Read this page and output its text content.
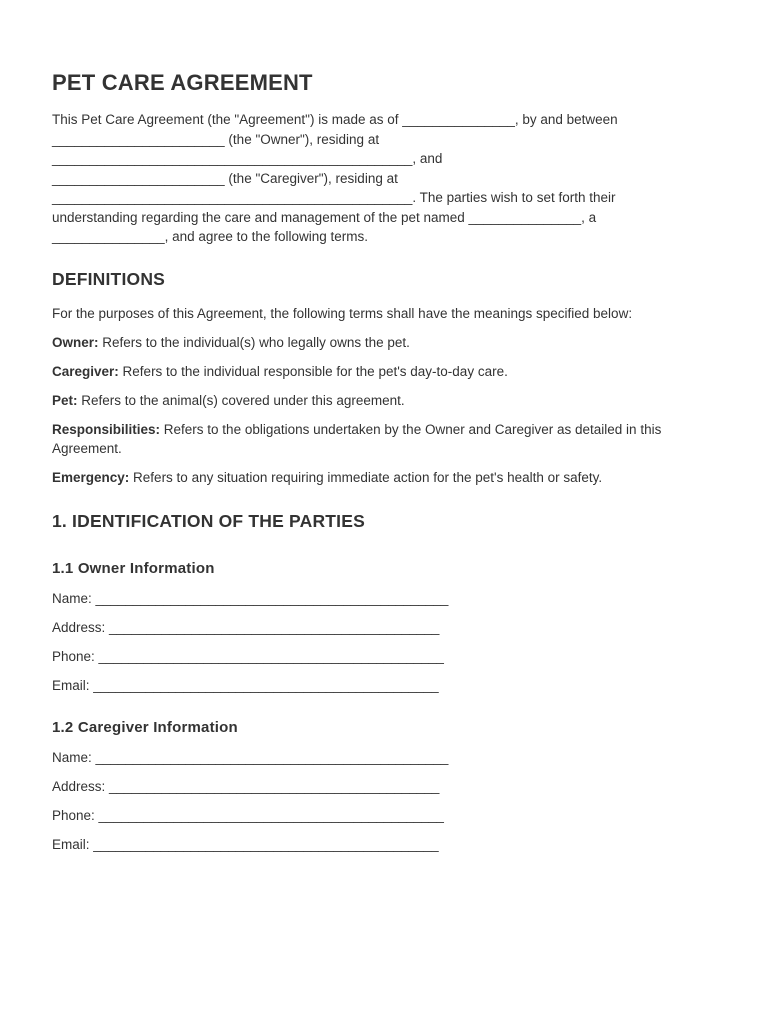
PET CARE AGREEMENT

This Pet Care Agreement (the "Agreement") is made as of _______________, by and between
_______________________ (the "Owner"), residing at
________________________________________________, and
_______________________ (the "Caregiver"), residing at
________________________________________________. The parties wish to set forth their
understanding regarding the care and management of the pet named _______________, a
_______________, and agree to the following terms.

DEFINITIONS

For the purposes of this Agreement, the following terms shall have the meanings specified below:

Owner: Refers to the individual(s) who legally owns the pet.

Caregiver: Refers to the individual responsible for the pet's day-to-day care.

Pet: Refers to the animal(s) covered under this agreement.

Responsibilities: Refers to the obligations undertaken by the Owner and Caregiver as detailed in this Agreement.

Emergency: Refers to any situation requiring immediate action for the pet's health or safety.

1. IDENTIFICATION OF THE PARTIES
1.1 Owner Information

Name: _______________________________________________

Address: ____________________________________________

Phone: ______________________________________________

Email: ______________________________________________

1.2 Caregiver Information

Name: _______________________________________________

Address: ____________________________________________

Phone: ______________________________________________

Email: ______________________________________________
